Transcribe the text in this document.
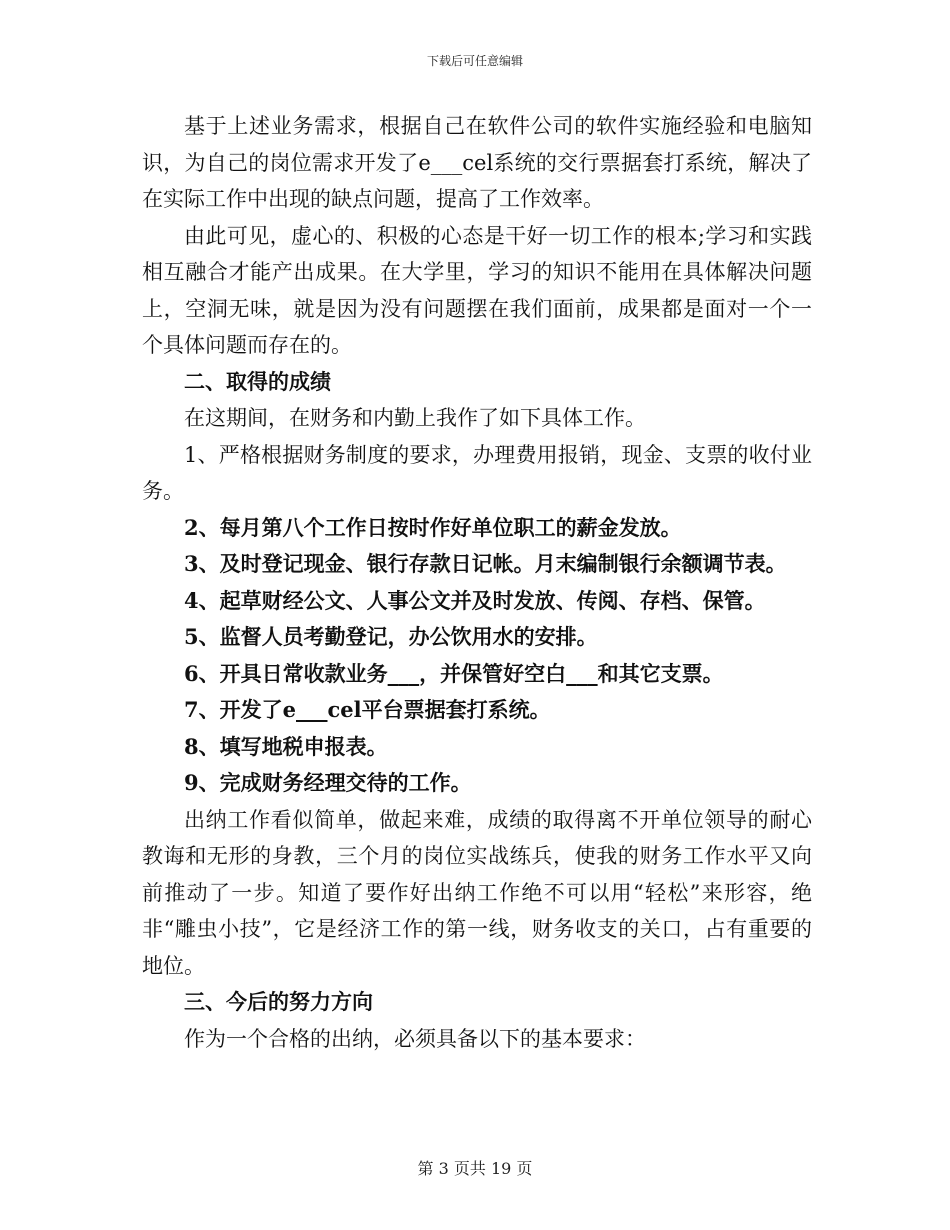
下载后可任意编辑

基于上述业务需求，根据自己在软件公司的软件实施经验和电脑知识，为自己的岗位需求开发了e___cel系统的交行票据套打系统，解决了在实际工作中出现的缺点问题，提高了工作效率。

由此可见，虚心的、积极的心态是干好一切工作的根本;学习和实践相互融合才能产出成果。在大学里，学习的知识不能用在具体解决问题上，空洞无味，就是因为没有问题摆在我们面前，成果都是面对一个一个具体问题而存在的。

二、取得的成绩

在这期间，在财务和内勤上我作了如下具体工作。

1、严格根据财务制度的要求，办理费用报销，现金、支票的收付业务。

2、每月第八个工作日按时作好单位职工的薪金发放。

3、及时登记现金、银行存款日记帐。月末编制银行余额调节表。

4、起草财经公文、人事公文并及时发放、传阅、存档、保管。

5、监督人员考勤登记，办公饮用水的安排。

6、开具日常收款业务___，并保管好空白___和其它支票。

7、开发了e___cel平台票据套打系统。

8、填写地税申报表。

9、完成财务经理交待的工作。

出纳工作看似简单，做起来难，成绩的取得离不开单位领导的耐心教诲和无形的身教，三个月的岗位实战练兵，使我的财务工作水平又向前推动了一步。知道了要作好出纳工作绝不可以用“轻松”来形容，绝非“雕虫小技”，它是经济工作的第一线，财务收支的关口，占有重要的地位。

三、今后的努力方向

作为一个合格的出纳，必须具备以下的基本要求：

第 3 页共 19 页
